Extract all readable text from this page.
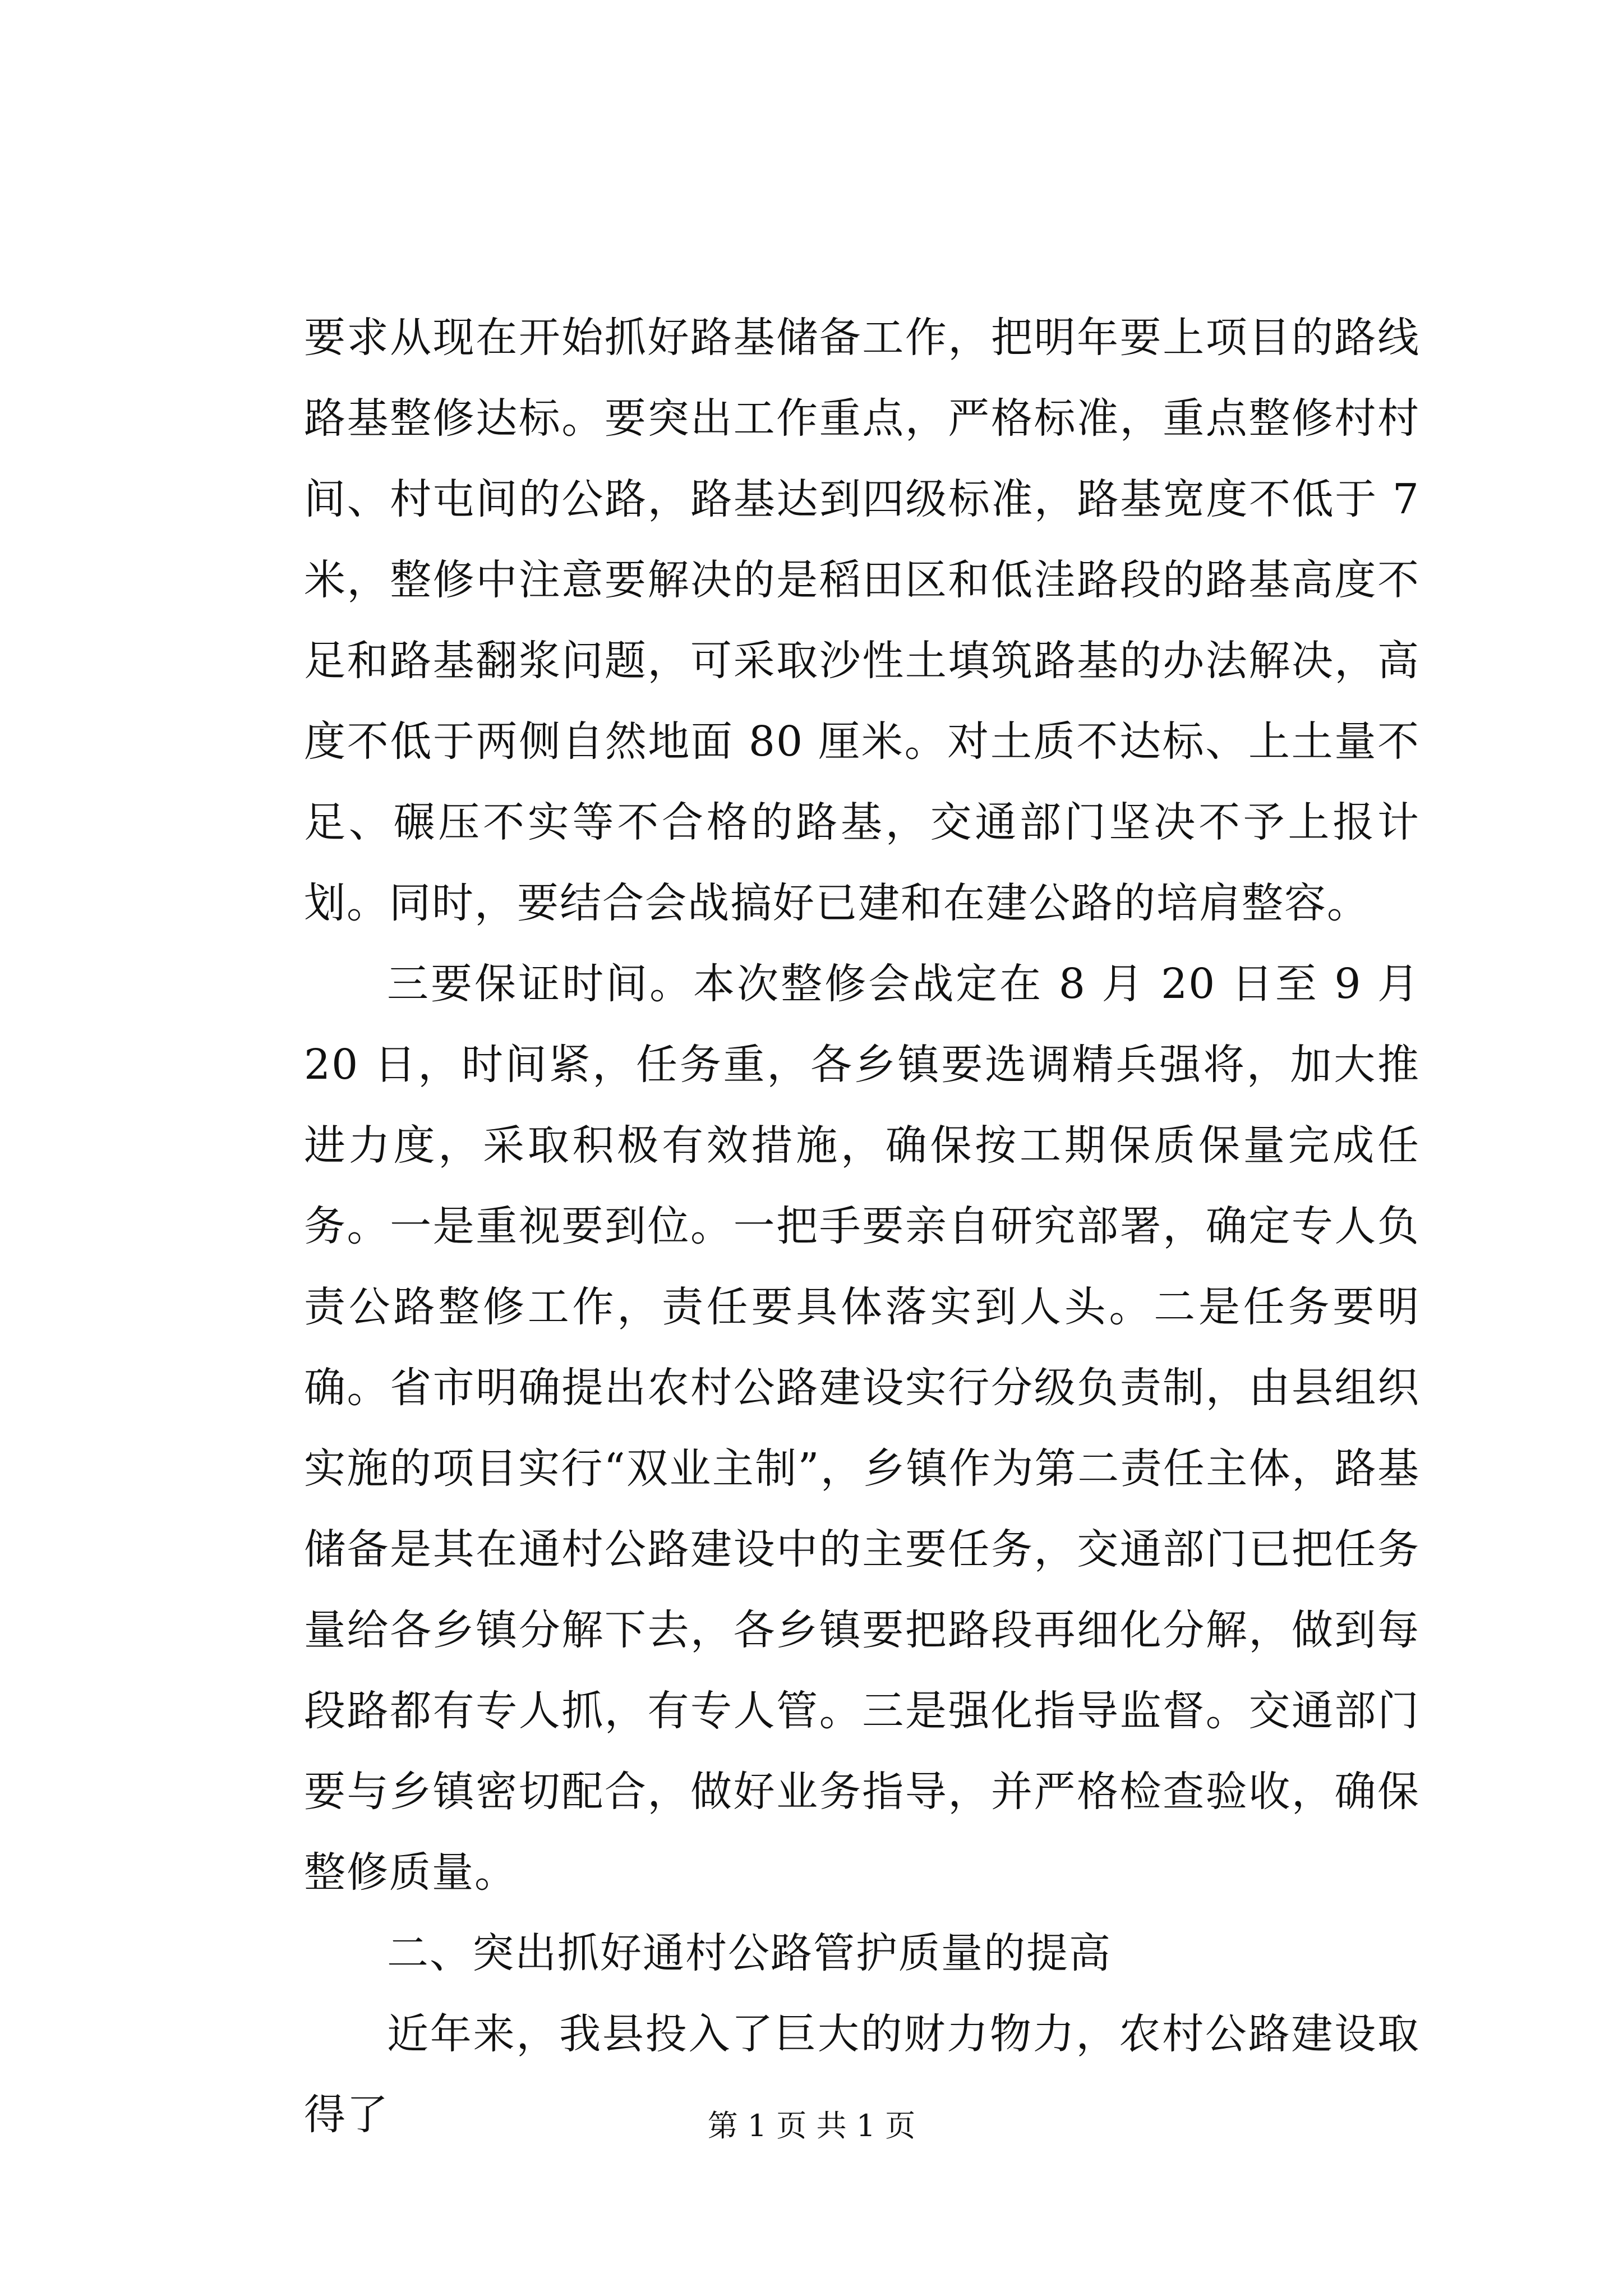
要求从现在开始抓好路基储备工作，把明年要上项目的路线路基整修达标。要突出工作重点，严格标准，重点整修村村间、村屯间的公路，路基达到四级标准，路基宽度不低于 7 米，整修中注意要解决的是稻田区和低洼路段的路基高度不足和路基翻浆问题，可采取沙性土填筑路基的办法解决，高度不低于两侧自然地面 80 厘米。对土质不达标、上土量不足、碾压不实等不合格的路基，交通部门坚决不予上报计划。同时，要结合会战搞好已建和在建公路的培肩整容。

三要保证时间。本次整修会战定在 8 月 20 日至 9 月 20 日，时间紧，任务重，各乡镇要选调精兵强将，加大推进力度，采取积极有效措施，确保按工期保质保量完成任务。一是重视要到位。一把手要亲自研究部署，确定专人负责公路整修工作，责任要具体落实到人头。二是任务要明确。省市明确提出农村公路建设实行分级负责制，由县组织实施的项目实行“双业主制”，乡镇作为第二责任主体，路基储备是其在通村公路建设中的主要任务，交通部门已把任务量给各乡镇分解下去，各乡镇要把路段再细化分解，做到每段路都有专人抓，有专人管。三是强化指导监督。交通部门要与乡镇密切配合，做好业务指导，并严格检查验收，确保整修质量。

二、突出抓好通村公路管护质量的提高

近年来，我县投入了巨大的财力物力，农村公路建设取得了	第 1 页 共 1 页
